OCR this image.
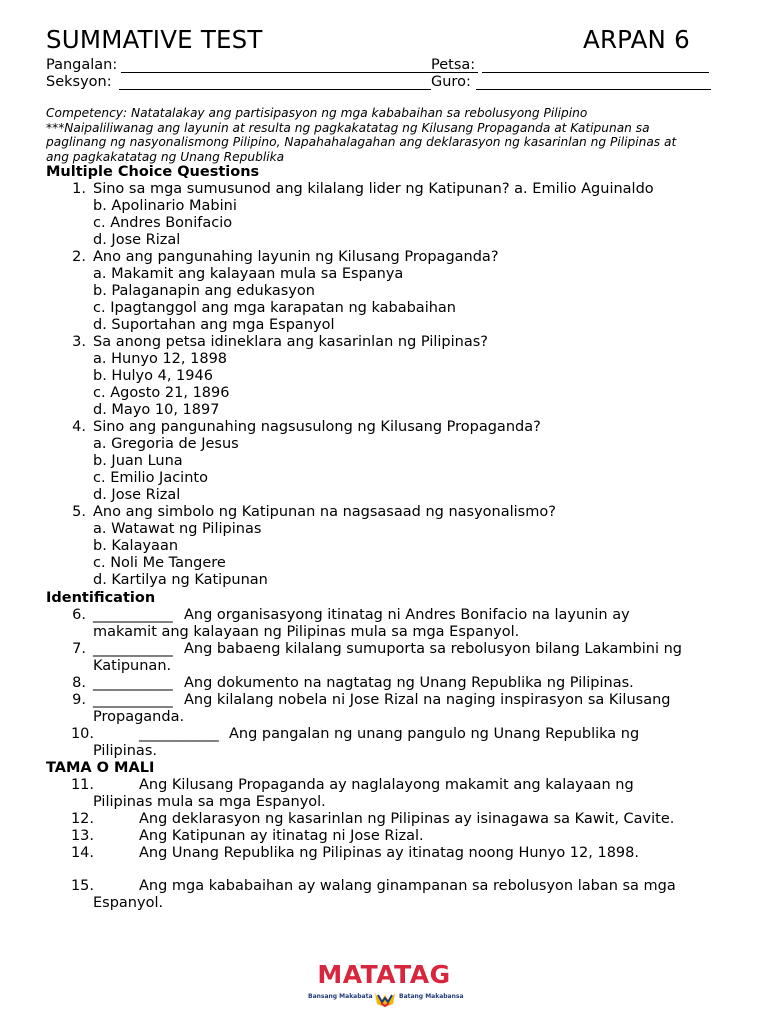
SUMMATIVE TEST	ARPAN 6
Pangalan:	Petsa:
Seksyon:	Guro:
Competency: Natatalakay ang partisipasyon ng mga kababaihan sa rebolusyong Pilipino
***Naipaliliwanag ang layunin at resulta ng pagkakatatag ng Kilusang Propaganda at Katipunan sa
paglinang ng nasyonalismong Pilipino, Napahahalagahan ang deklarasyon ng kasarinlan ng Pilipinas at
ang pagkakatatag ng Unang Republika
Multiple Choice Questions
1. Sino sa mga sumusunod ang kilalang lider ng Katipunan? a. Emilio Aguinaldo
b. Apolinario Mabini
c. Andres Bonifacio
d. Jose Rizal
2. Ano ang pangunahing layunin ng Kilusang Propaganda?
a. Makamit ang kalayaan mula sa Espanya
b. Palaganapin ang edukasyon
c. Ipagtanggol ang mga karapatan ng kababaihan
d. Suportahan ang mga Espanyol
3. Sa anong petsa idineklara ang kasarinlan ng Pilipinas?
a. Hunyo 12, 1898
b. Hulyo 4, 1946
c. Agosto 21, 1896
d. Mayo 10, 1897
4. Sino ang pangunahing nagsusulong ng Kilusang Propaganda?
a. Gregoria de Jesus
b. Juan Luna
c. Emilio Jacinto
d. Jose Rizal
5. Ano ang simbolo ng Katipunan na nagsasaad ng nasyonalismo?
a. Watawat ng Pilipinas
b. Kalayaan
c. Noli Me Tangere
d. Kartilya ng Katipunan
Identification
6. ___________ Ang organisasyong itinatag ni Andres Bonifacio na layunin ay
makamit ang kalayaan ng Pilipinas mula sa mga Espanyol.
7. ___________ Ang babaeng kilalang sumuporta sa rebolusyon bilang Lakambini ng
Katipunan.
8. ___________ Ang dokumento na nagtatag ng Unang Republika ng Pilipinas.
9. ___________ Ang kilalang nobela ni Jose Rizal na naging inspirasyon sa Kilusang
Propaganda.
10.	___________ Ang pangalan ng unang pangulo ng Unang Republika ng
Pilipinas.
TAMA O MALI
11.	Ang Kilusang Propaganda ay naglalayong makamit ang kalayaan ng
Pilipinas mula sa mga Espanyol.
12.	Ang deklarasyon ng kasarinlan ng Pilipinas ay isinagawa sa Kawit, Cavite.
13.	Ang Katipunan ay itinatag ni Jose Rizal.
14.	Ang Unang Republika ng Pilipinas ay itinatag noong Hunyo 12, 1898.
15.	Ang mga kababaihan ay walang ginampanan sa rebolusyon laban sa mga
Espanyol.
MATATAG
Bansang Makabata	Batang Makabansa
